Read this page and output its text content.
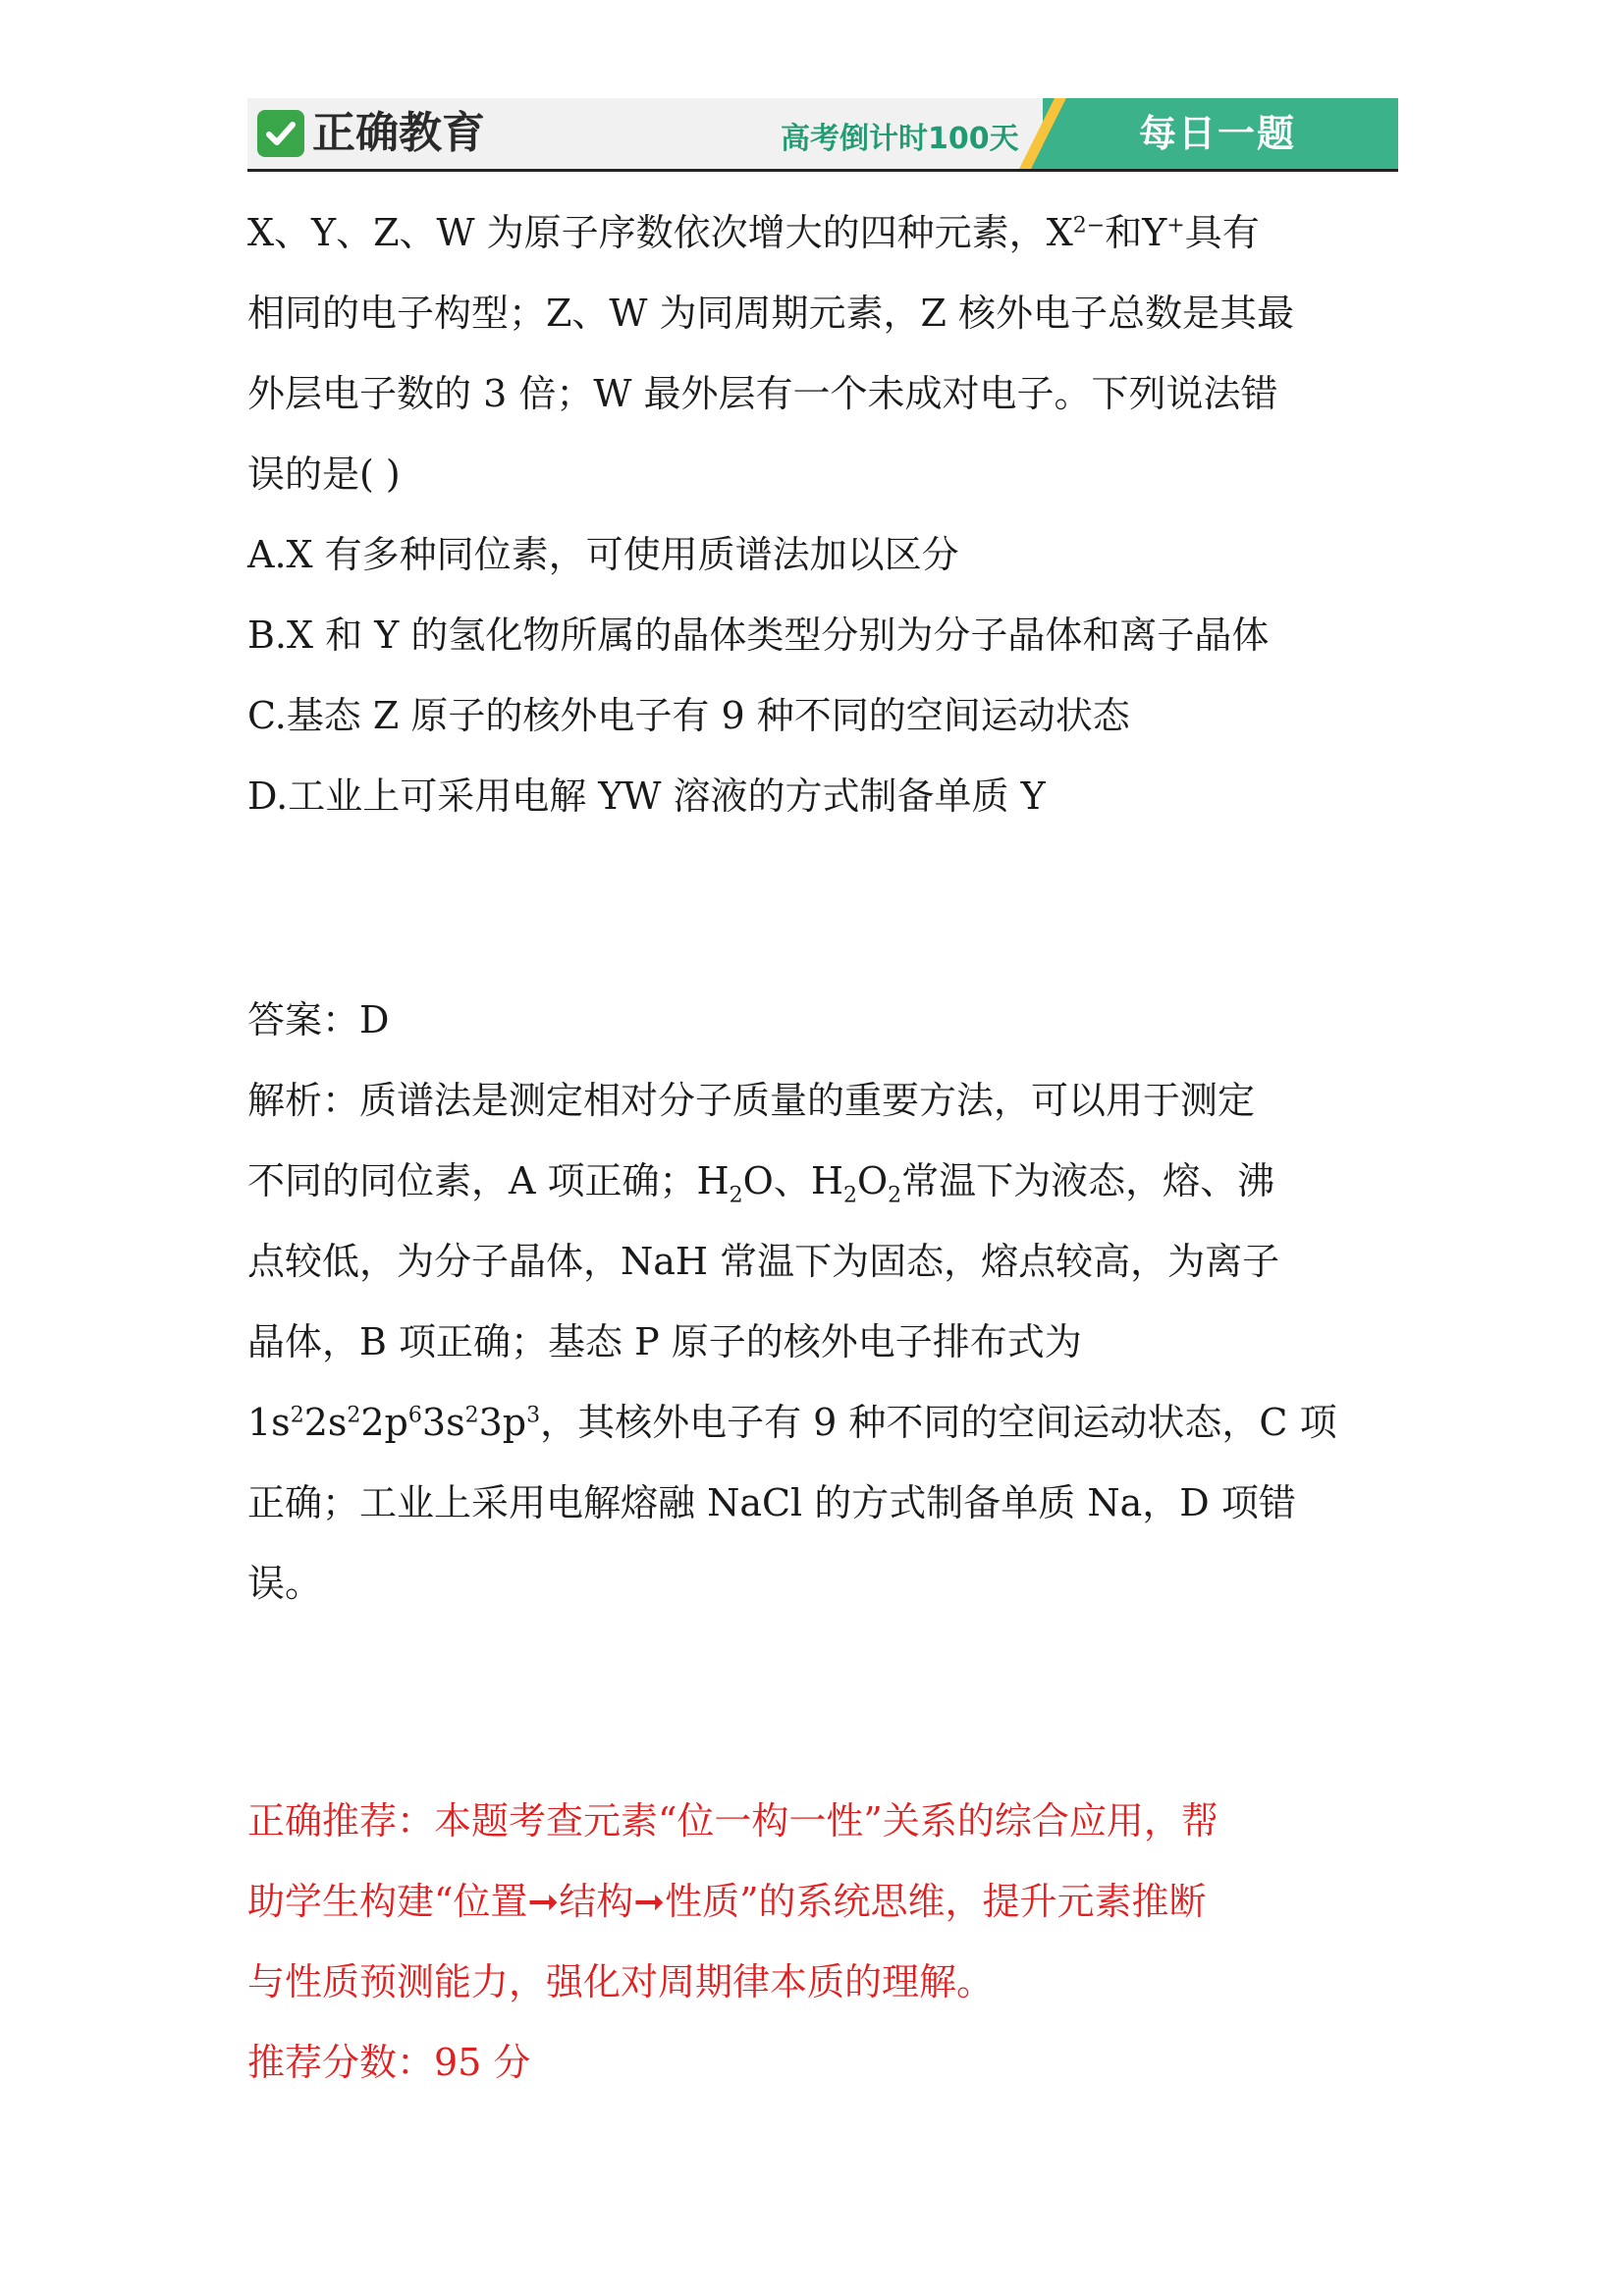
正确教育	高考倒计时100天	每日一题

X、Y、Z、W 为原子序数依次增大的四种元素，$X^{2-}$和Y+具有

相同的电子构型；Z、W 为同周期元素，Z 核外电子总数是其最

外层电子数的 3 倍；W 最外层有一个未成对电子。下列说法错

误的是( )

A.X 有多种同位素，可使用质谱法加以区分

B.X 和 Y 的氢化物所属的晶体类型分别为分子晶体和离子晶体

C.基态 Z 原子的核外电子有 9 种不同的空间运动状态

D.工业上可采用电解 YW 溶液的方式制备单质 Y

答案：D

解析：质谱法是测定相对分子质量的重要方法，可以用于测定

不同的同位素，A 项正确；$H_2O$、$H_2O_2$常温下为液态，熔、沸

点较低，为分子晶体，NaH 常温下为固态，熔点较高，为离子

晶体，B 项正确；基态 P 原子的核外电子排布式为

$1s^22s^22p^63s^23p^3$，其核外电子有 9 种不同的空间运动状态，C 项

正确；工业上采用电解熔融 NaCl 的方式制备单质 Na，D 项错

误。

正确推荐：本题考查元素“位一构一性”关系的综合应用，帮

助学生构建“位置➞结构➞性质”的系统思维，提升元素推断

与性质预测能力，强化对周期律本质的理解。

推荐分数：95 分
